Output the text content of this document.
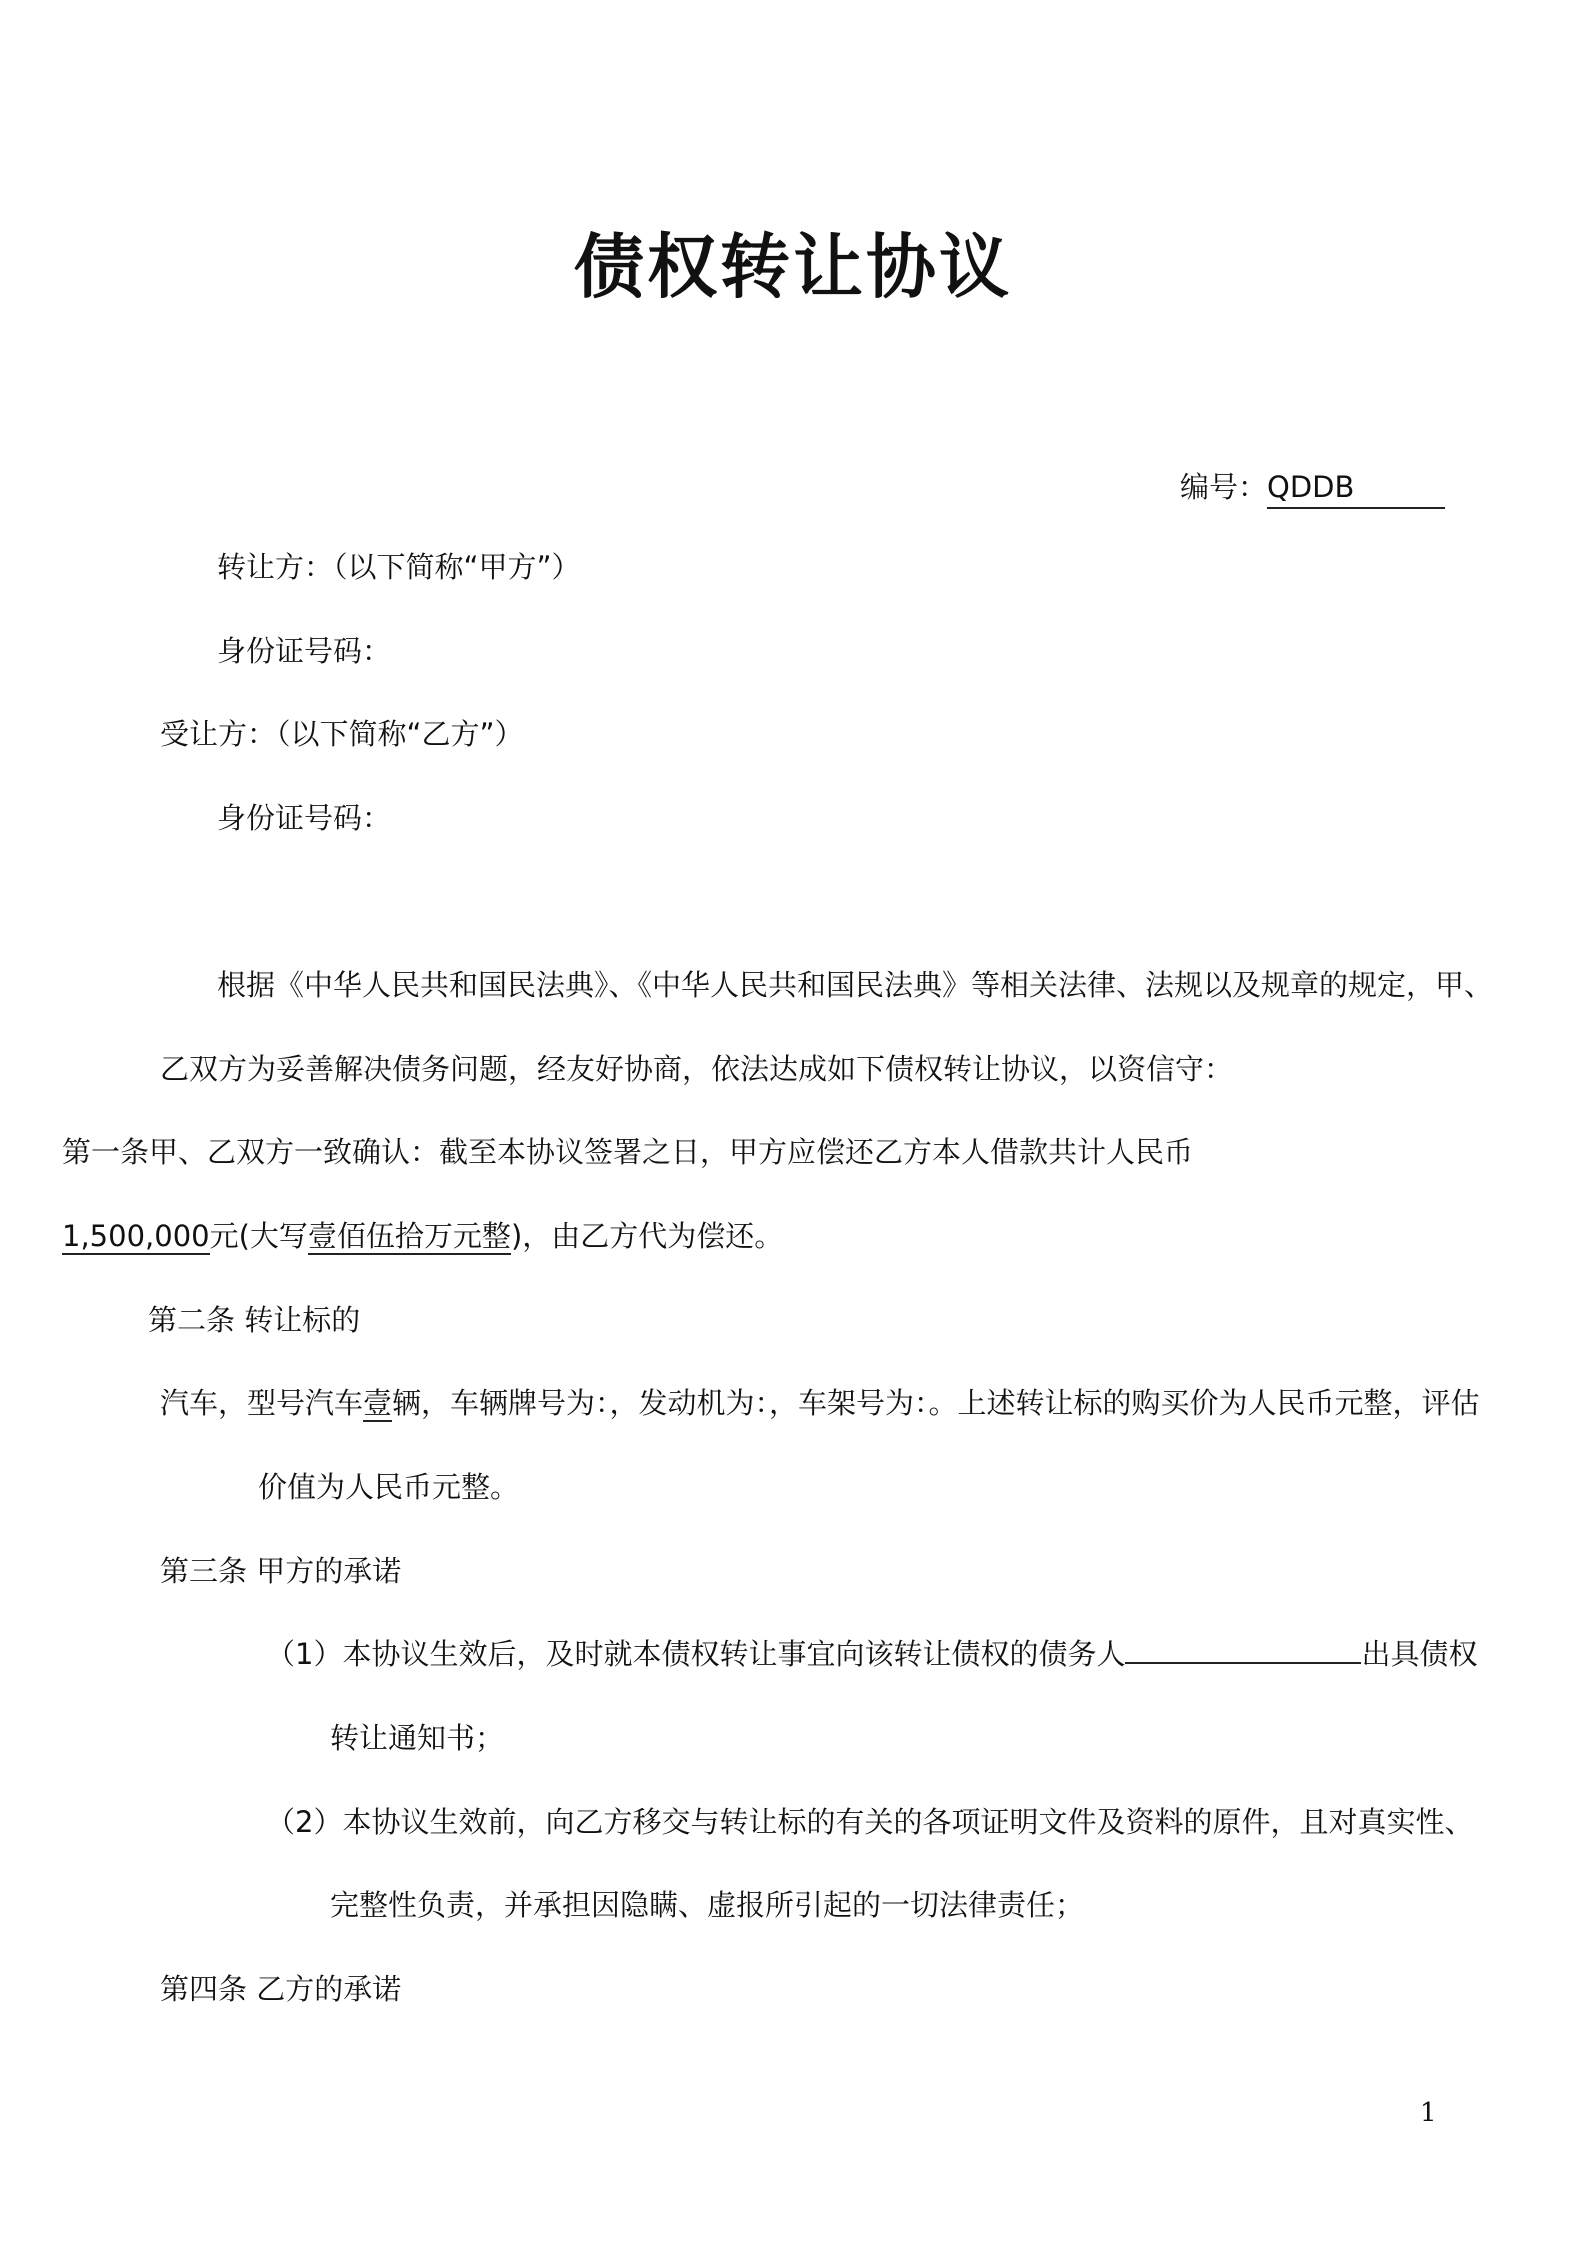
债权转让协议
编号：QDDB
转让方：（以下简称“甲方”）
身份证号码：
受让方：（以下简称“乙方”）
身份证号码：
根据《中华人民共和国民法典》、《中华人民共和国民法典》等相关法律、法规以及规章的规定，甲、
乙双方为妥善解决债务问题，经友好协商，依法达成如下债权转让协议，以资信守：
第一条甲、乙双方一致确认：截至本协议签署之日，甲方应偿还乙方本人借款共计人民币
1,500,000元(大写壹佰伍拾万元整)，由乙方代为偿还。
第二条 转让标的
汽车，型号汽车壹辆，车辆牌号为：，发动机为：，车架号为：。上述转让标的购买价为人民币元整，评估
价值为人民币元整。
第三条 甲方的承诺
（1）本协议生效后，及时就本债权转让事宜向该转让债权的债务人	出具债权
转让通知书；
（2）本协议生效前，向乙方移交与转让标的有关的各项证明文件及资料的原件，且对真实性、
完整性负责，并承担因隐瞒、虚报所引起的一切法律责任；
第四条 乙方的承诺
1
